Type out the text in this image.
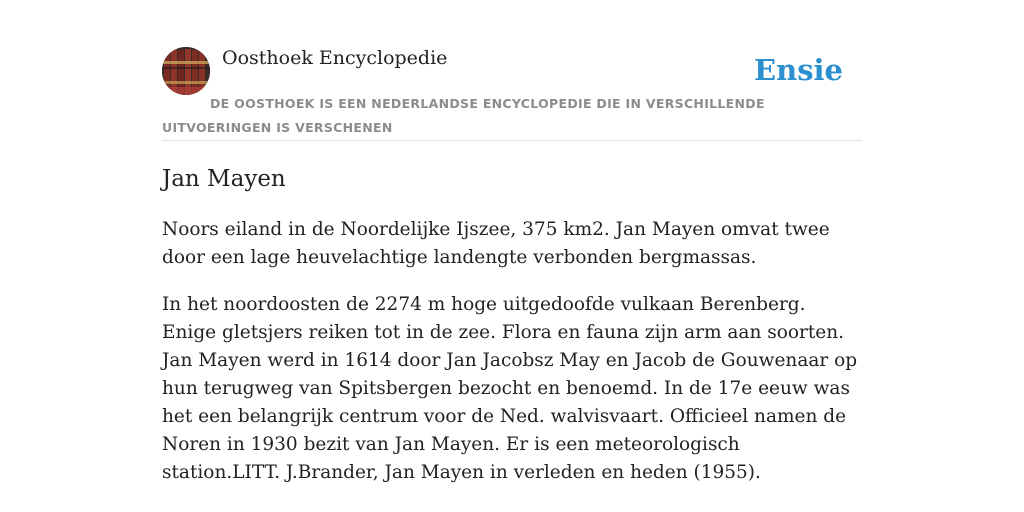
Oosthoek Encyclopedie	Ensie
DE OOSTHOEK IS EEN NEDERLANDSE ENCYCLOPEDIE DIE IN VERSCHILLENDE UITVOERINGEN IS VERSCHENEN
Jan Mayen

Noors eiland in de Noordelijke Ijszee, 375 km2. Jan Mayen omvat twee door een lage heuvelachtige landengte verbonden bergmassas.

In het noordoosten de 2274 m hoge uitgedoofde vulkaan Berenberg. Enige gletsjers reiken tot in de zee. Flora en fauna zijn arm aan soorten. Jan Mayen werd in 1614 door Jan Jacobsz May en Jacob de Gouwenaar op hun terugweg van Spitsbergen bezocht en benoemd. In de 17e eeuw was het een belangrijk centrum voor de Ned. walvisvaart. Officieel namen de Noren in 1930 bezit van Jan Mayen. Er is een meteorologisch station.LITT. J.Brander, Jan Mayen in verleden en heden (1955).
